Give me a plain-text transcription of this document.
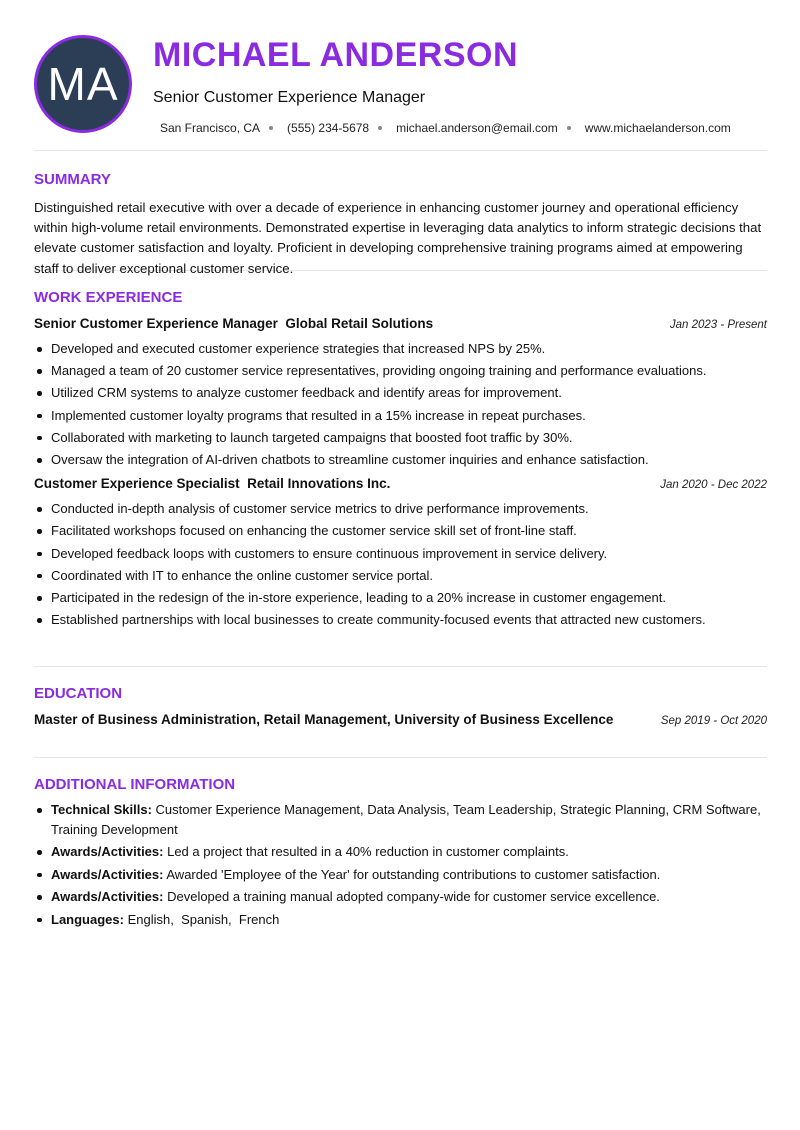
MA
MICHAEL ANDERSON
Senior Customer Experience Manager
San Francisco, CA (555) 234-5678 michael.anderson@email.com www.michaelanderson.com
SUMMARY

Distinguished retail executive with over a decade of experience in enhancing customer journey and operational efficiency within high-volume retail environments. Demonstrated expertise in leveraging data analytics to inform strategic decisions that elevate customer satisfaction and loyalty. Proficient in developing comprehensive training programs aimed at empowering staff to deliver exceptional customer service.

WORK EXPERIENCE
Senior Customer Experience Manager Global Retail Solutions	Jan 2023 - Present
Developed and executed customer experience strategies that increased NPS by 25%.
Managed a team of 20 customer service representatives, providing ongoing training and performance evaluations.
Utilized CRM systems to analyze customer feedback and identify areas for improvement.
Implemented customer loyalty programs that resulted in a 15% increase in repeat purchases.
Collaborated with marketing to launch targeted campaigns that boosted foot traffic by 30%.
Oversaw the integration of AI-driven chatbots to streamline customer inquiries and enhance satisfaction.
Customer Experience Specialist Retail Innovations Inc.	Jan 2020 - Dec 2022
Conducted in-depth analysis of customer service metrics to drive performance improvements.
Facilitated workshops focused on enhancing the customer service skill set of front-line staff.
Developed feedback loops with customers to ensure continuous improvement in service delivery.
Coordinated with IT to enhance the online customer service portal.
Participated in the redesign of the in-store experience, leading to a 20% increase in customer engagement.
Established partnerships with local businesses to create community-focused events that attracted new customers.
EDUCATION
Master of Business Administration, Retail Management, University of Business Excellence	Sep 2019 - Oct 2020
ADDITIONAL INFORMATION
Technical Skills: Customer Experience Management, Data Analysis, Team Leadership, Strategic Planning, CRM Software, Training Development
Awards/Activities: Led a project that resulted in a 40% reduction in customer complaints.
Awards/Activities: Awarded 'Employee of the Year' for outstanding contributions to customer satisfaction.
Awards/Activities: Developed a training manual adopted company-wide for customer service excellence.
Languages: English,  Spanish,  French
